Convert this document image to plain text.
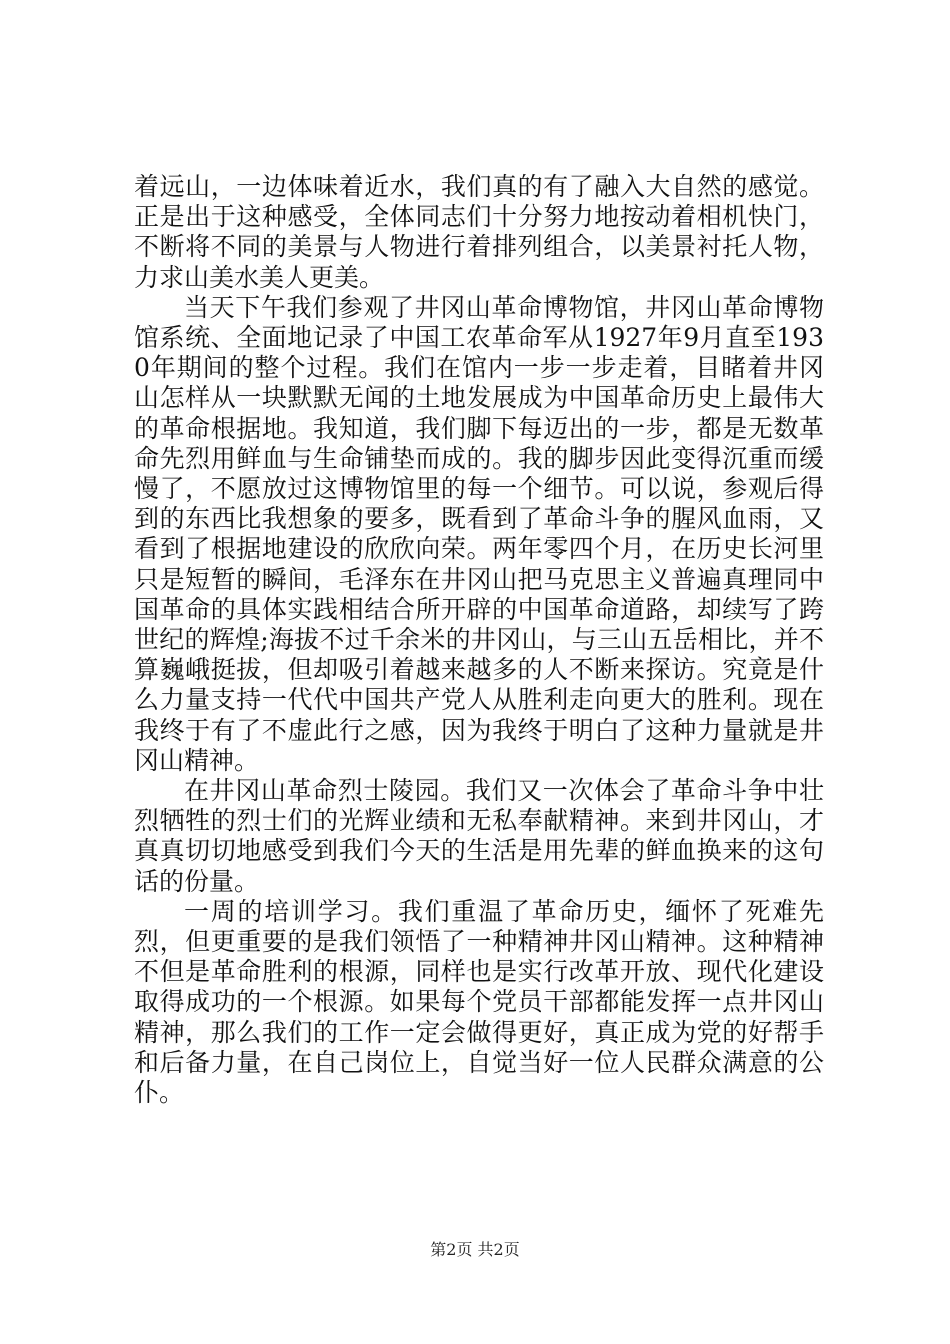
着远山，一边体味着近水，我们真的有了融入大自然的感觉。正是出于这种感受，全体同志们十分努力地按动着相机快门，不断将不同的美景与人物进行着排列组合，以美景衬托人物，力求山美水美人更美。

当天下午我们参观了井冈山革命博物馆，井冈山革命博物馆系统、全面地记录了中国工农革命军从1927年9月直至1930年期间的整个过程。我们在馆内一步一步走着，目睹着井冈山怎样从一块默默无闻的土地发展成为中国革命历史上最伟大的革命根据地。我知道，我们脚下每迈出的一步，都是无数革命先烈用鲜血与生命铺垫而成的。我的脚步因此变得沉重而缓慢了，不愿放过这博物馆里的每一个细节。可以说，参观后得到的东西比我想象的要多，既看到了革命斗争的腥风血雨，又看到了根据地建设的欣欣向荣。两年零四个月，在历史长河里只是短暂的瞬间，毛泽东在井冈山把马克思主义普遍真理同中国革命的具体实践相结合所开辟的中国革命道路，却续写了跨世纪的辉煌;海拔不过千余米的井冈山，与三山五岳相比，并不算巍峨挺拔，但却吸引着越来越多的人不断来探访。究竟是什么力量支持一代代中国共产党人从胜利走向更大的胜利。现在我终于有了不虚此行之感，因为我终于明白了这种力量就是井冈山精神。

在井冈山革命烈士陵园。我们又一次体会了革命斗争中壮烈牺牲的烈士们的光辉业绩和无私奉献精神。来到井冈山，才真真切切地感受到我们今天的生活是用先辈的鲜血换来的这句话的份量。

一周的培训学习。我们重温了革命历史，缅怀了死难先烈，但更重要的是我们领悟了一种精神井冈山精神。这种精神不但是革命胜利的根源，同样也是实行改革开放、现代化建设取得成功的一个根源。如果每个党员干部都能发挥一点井冈山精神，那么我们的工作一定会做得更好，真正成为党的好帮手和后备力量，在自己岗位上，自觉当好一位人民群众满意的公仆。

第2页 共2页
